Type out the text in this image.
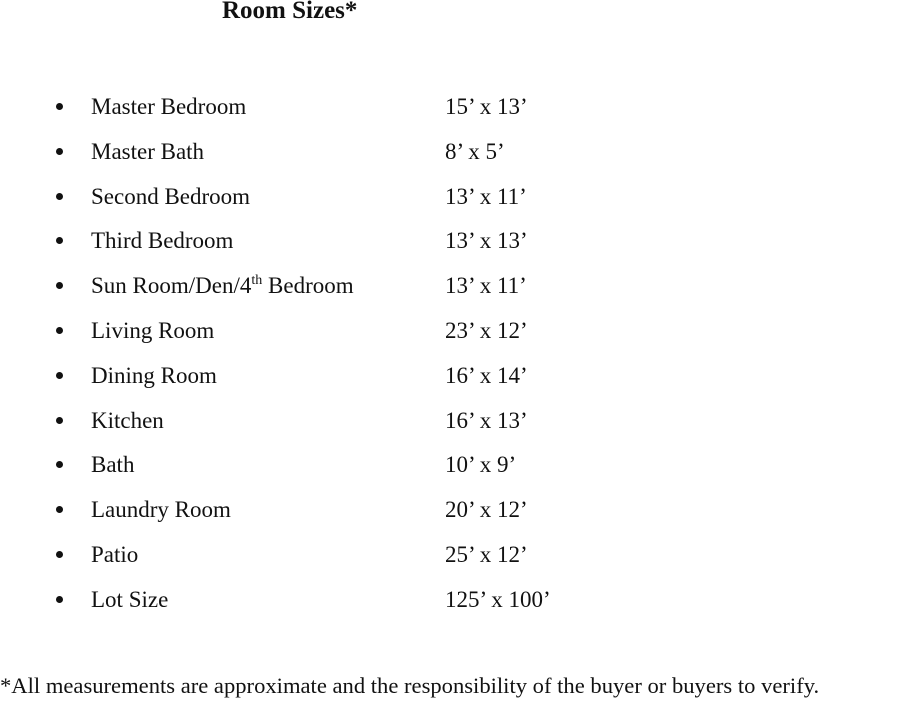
Room Sizes*
Master Bedroom	15’ x 13’
Master Bath	8’ x 5’
Second Bedroom	13’ x 11’
Third Bedroom	13’ x 13’
Sun Room/Den/4th Bedroom	13’ x 11’
Living Room	23’ x 12’
Dining Room	16’ x 14’
Kitchen	16’ x 13’
Bath	10’ x 9’
Laundry Room	20’ x 12’
Patio	25’ x 12’
Lot Size	125’ x 100’
*All measurements are approximate and the responsibility of the buyer or buyers to verify.
